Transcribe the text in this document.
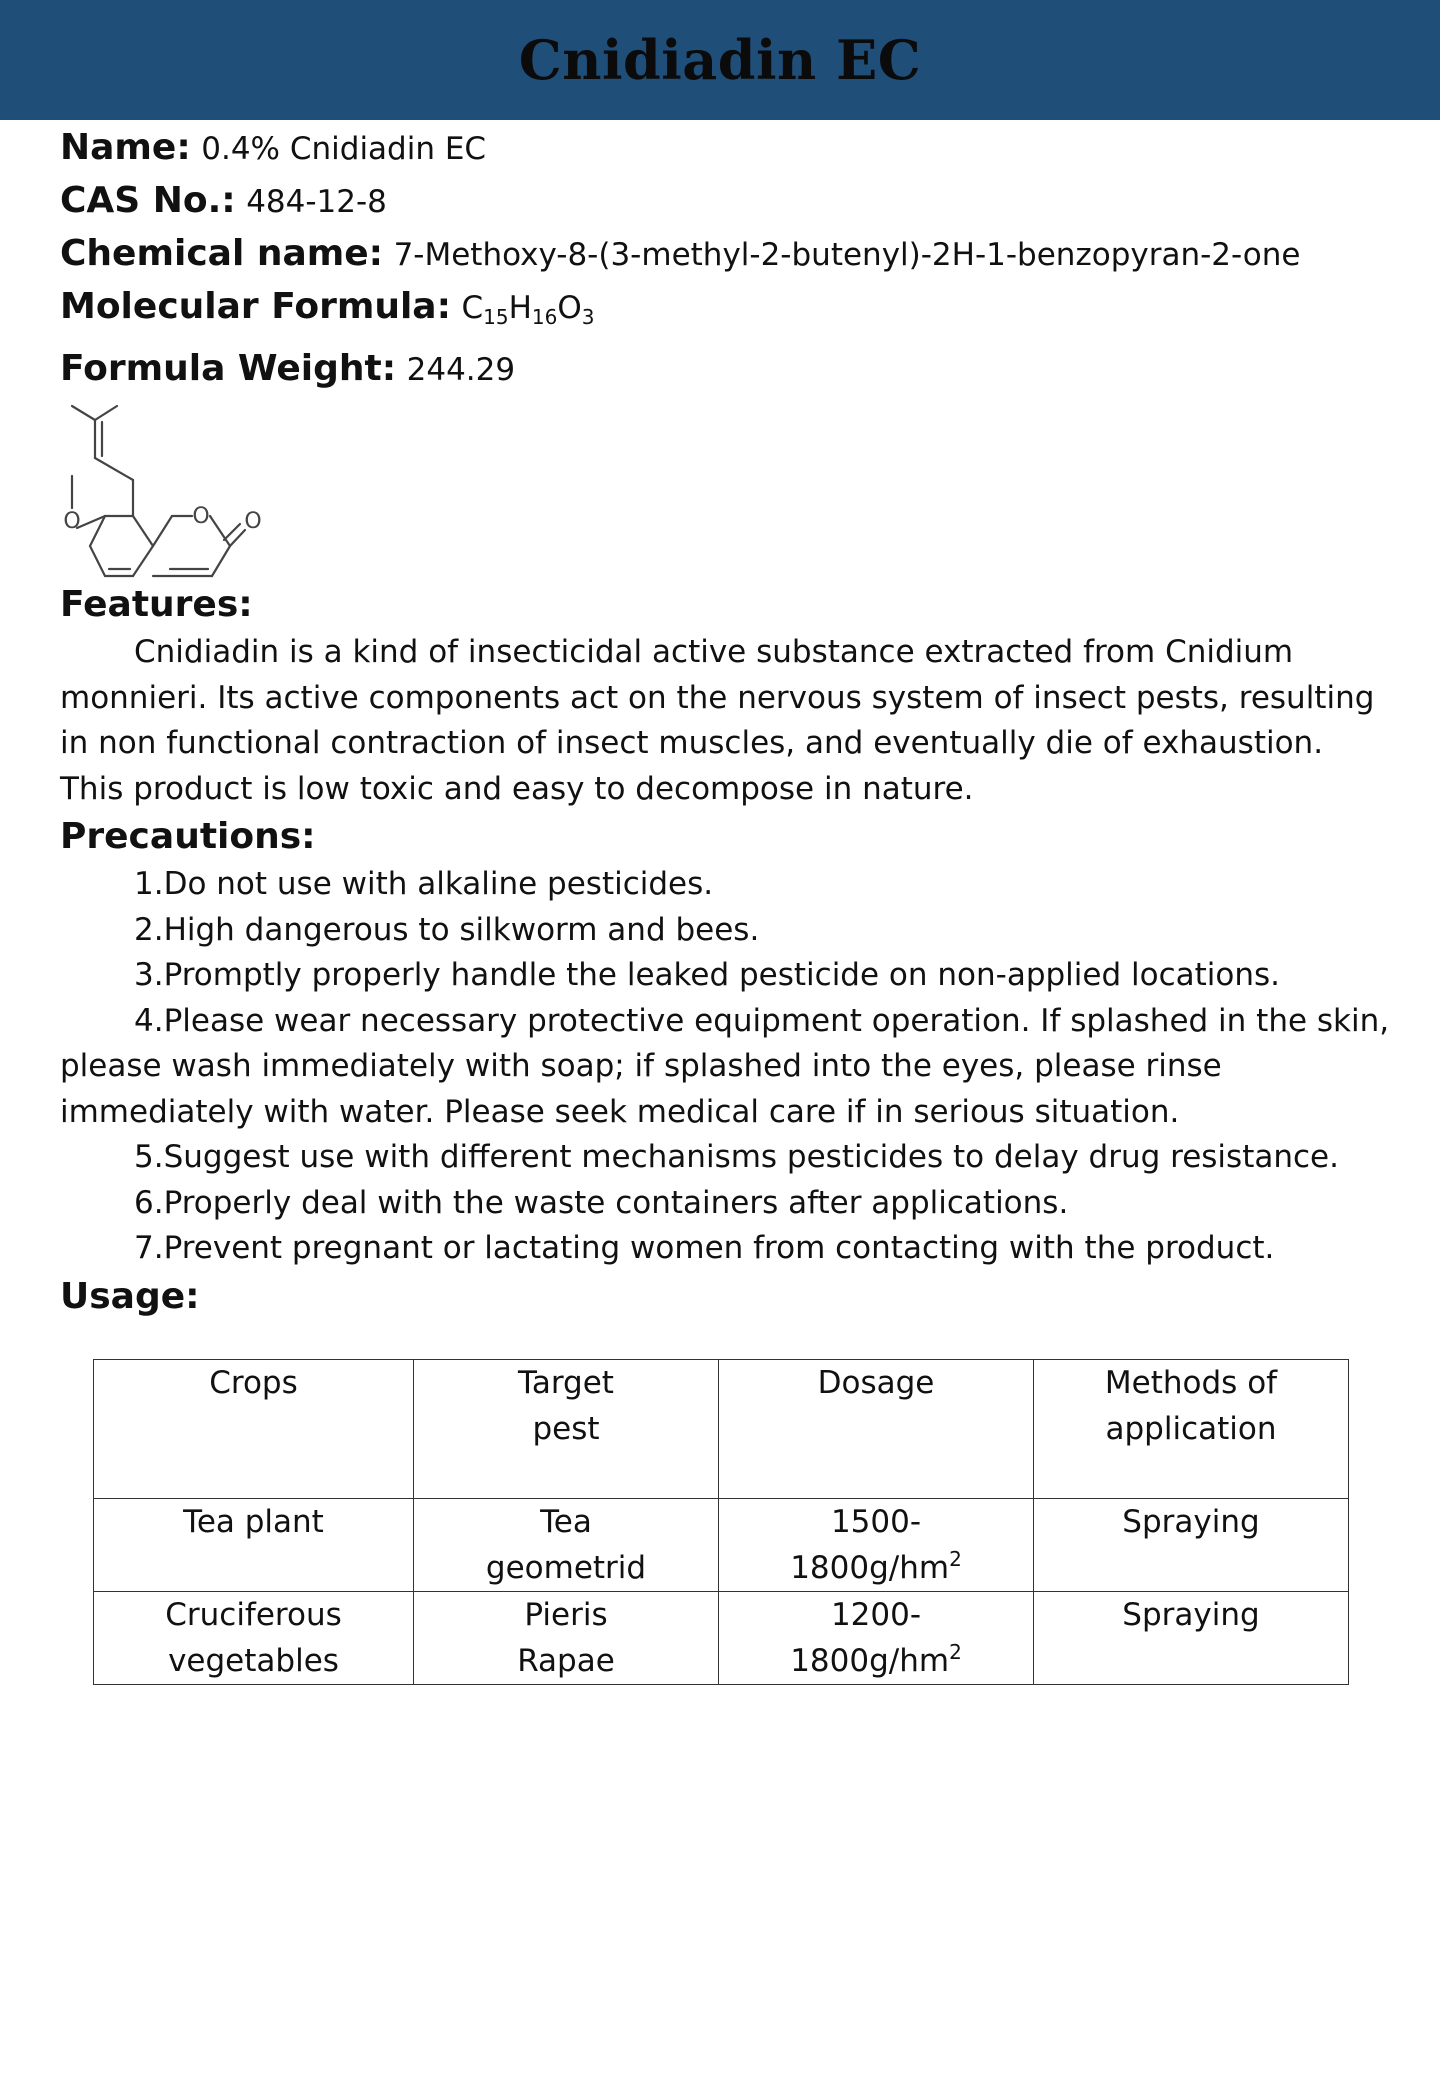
Cnidiadin EC
Name: 0.4% Cnidiadin EC
CAS No.: 484-12-8
Chemical name: 7-Methoxy-8-(3-methyl-2-butenyl)-2H-1-benzopyran-2-one
Molecular Formula: $C_{15}H_{16}O_3$
Formula Weight: 244.29
O	O O
Features:
Cnidiadin is a kind of insecticidal active substance extracted from Cnidium monnieri. Its active components act on the nervous system of insect pests, resulting in non functional contraction of insect muscles, and eventually die of exhaustion. This product is low toxic and easy to decompose in nature.
Precautions:
1.Do not use with alkaline pesticides.
2.High dangerous to silkworm and bees.
3.Promptly properly handle the leaked pesticide on non-applied locations.
4.Please wear necessary protective equipment operation. If splashed in the skin, please wash immediately with soap; if splashed into the eyes, please rinse immediately with water. Please seek medical care if in serious situation.
5.Suggest use with different mechanisms pesticides to delay drug resistance.
6.Properly deal with the waste containers after applications.
7.Prevent pregnant or lactating women from contacting with the product.
Usage:
Crops	Target pest	Dosage	Methods of application
Tea plant	Tea geometrid	$1500-1800g/hm^2$	Spraying
Cruciferous vegetables	Pieris Rapae	$1200-1800g/hm^2$	Spraying
